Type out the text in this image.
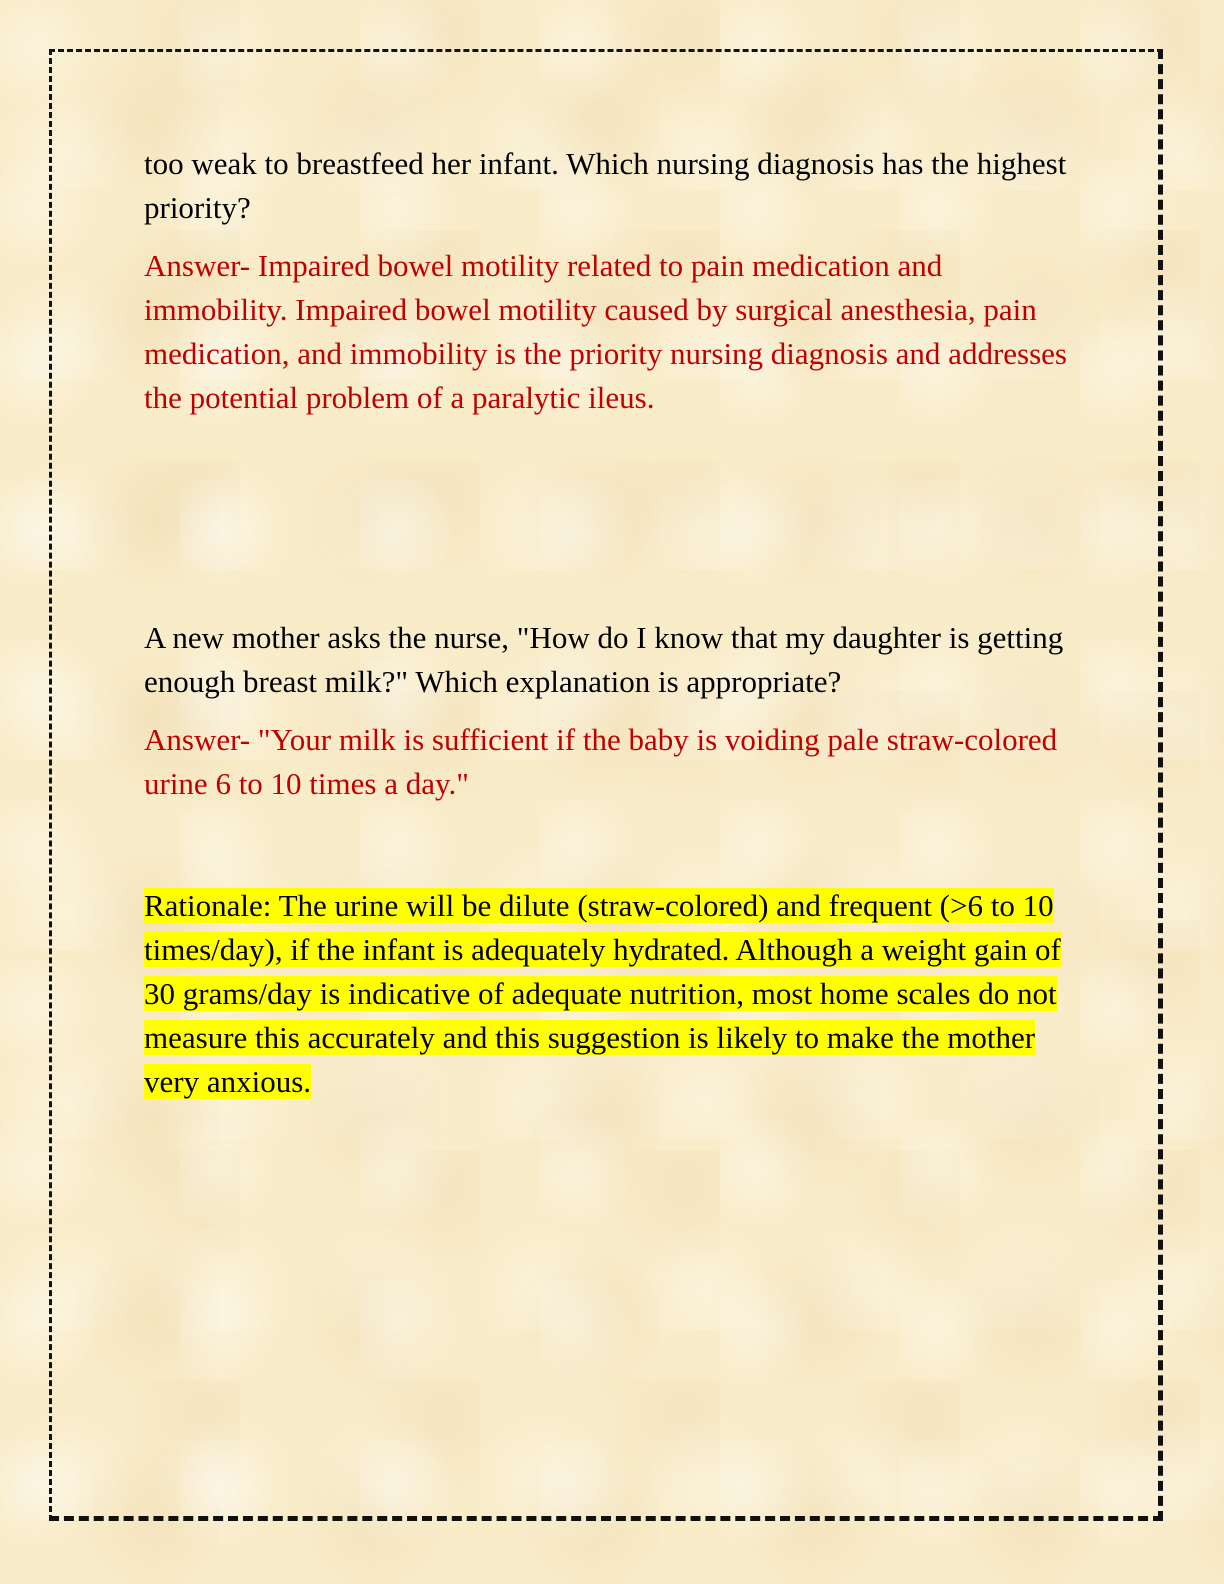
too weak to breastfeed her infant. Which nursing diagnosis has the highest priority?

Answer- Impaired bowel motility related to pain medication and immobility. Impaired bowel motility caused by surgical anesthesia, pain medication, and immobility is the priority nursing diagnosis and addresses the potential problem of a paralytic ileus.

A new mother asks the nurse, "How do I know that my daughter is getting enough breast milk?" Which explanation is appropriate?

Answer- "Your milk is sufficient if the baby is voiding pale straw-colored urine 6 to 10 times a day."

Rationale: The urine will be dilute (straw-colored) and frequent (>6 to 10 times/day), if the infant is adequately hydrated. Although a weight gain of 30 grams/day is indicative of adequate nutrition, most home scales do not measure this accurately and this suggestion is likely to make the mother very anxious.
